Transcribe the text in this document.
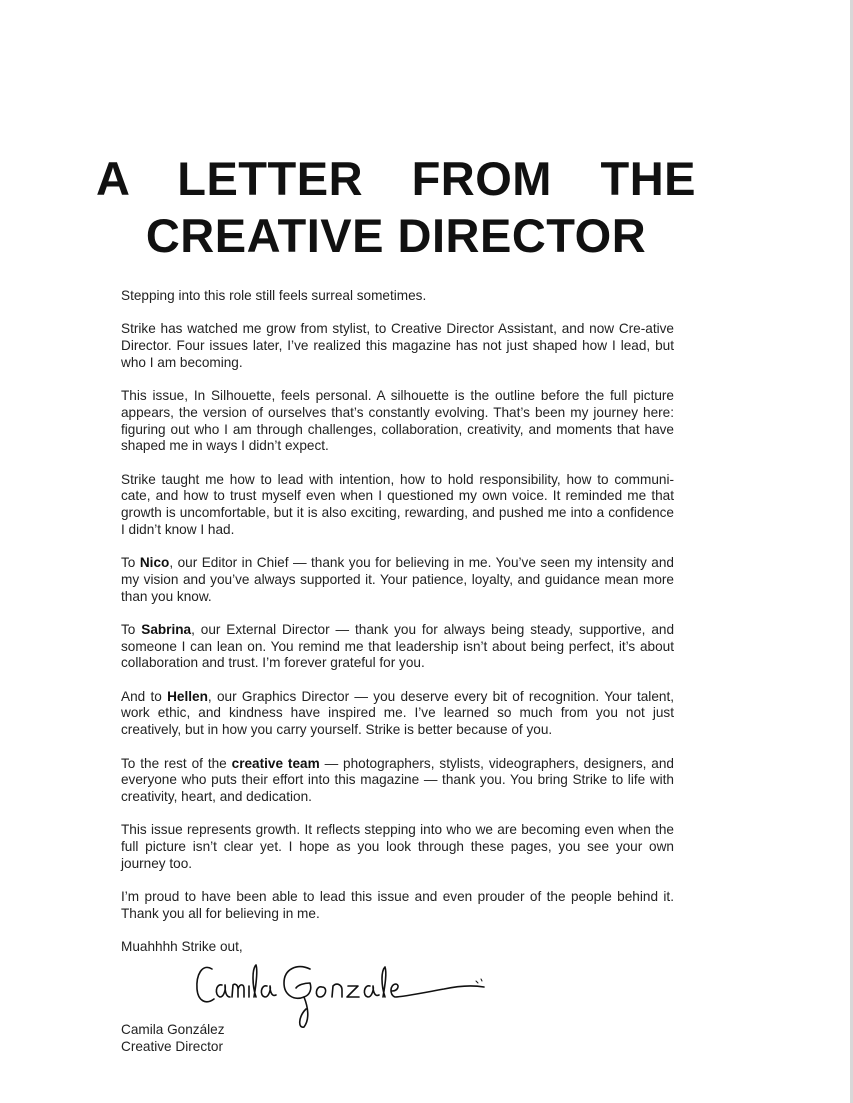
A LETTER FROM THE
CREATIVE DIRECTOR

Stepping into this role still feels surreal sometimes.

Strike has watched me grow from stylist, to Creative Director Assistant, and now Cre-ative Director. Four issues later, I’ve realized this magazine has not just shaped how I lead, but who I am becoming.

This issue, In Silhouette, feels personal. A silhouette is the outline before the full picture appears, the version of ourselves that’s constantly evolving. That’s been my journey here: figuring out who I am through challenges, collaboration, creativity, and moments that have shaped me in ways I didn’t expect.

Strike taught me how to lead with intention, how to hold responsibility, how to communi-cate, and how to trust myself even when I questioned my own voice. It reminded me that growth is uncomfortable, but it is also exciting, rewarding, and pushed me into a confidence I didn’t know I had.

To Nico, our Editor in Chief — thank you for believing in me. You’ve seen my intensity and my vision and you’ve always supported it. Your patience, loyalty, and guidance mean more than you know.

To Sabrina, our External Director — thank you for always being steady, supportive, and someone I can lean on. You remind me that leadership isn’t about being perfect, it’s about collaboration and trust. I’m forever grateful for you.

And to Hellen, our Graphics Director — you deserve every bit of recognition. Your talent, work ethic, and kindness have inspired me. I’ve learned so much from you not just creatively, but in how you carry yourself. Strike is better because of you.

To the rest of the creative team — photographers, stylists, videographers, designers, and everyone who puts their effort into this magazine — thank you. You bring Strike to life with creativity, heart, and dedication.

This issue represents growth. It reflects stepping into who we are becoming even when the full picture isn’t clear yet. I hope as you look through these pages, you see your own journey too.

I’m proud to have been able to lead this issue and even prouder of the people behind it. Thank you all for believing in me.

Muahhhh Strike out,

Camila González
Creative Director
